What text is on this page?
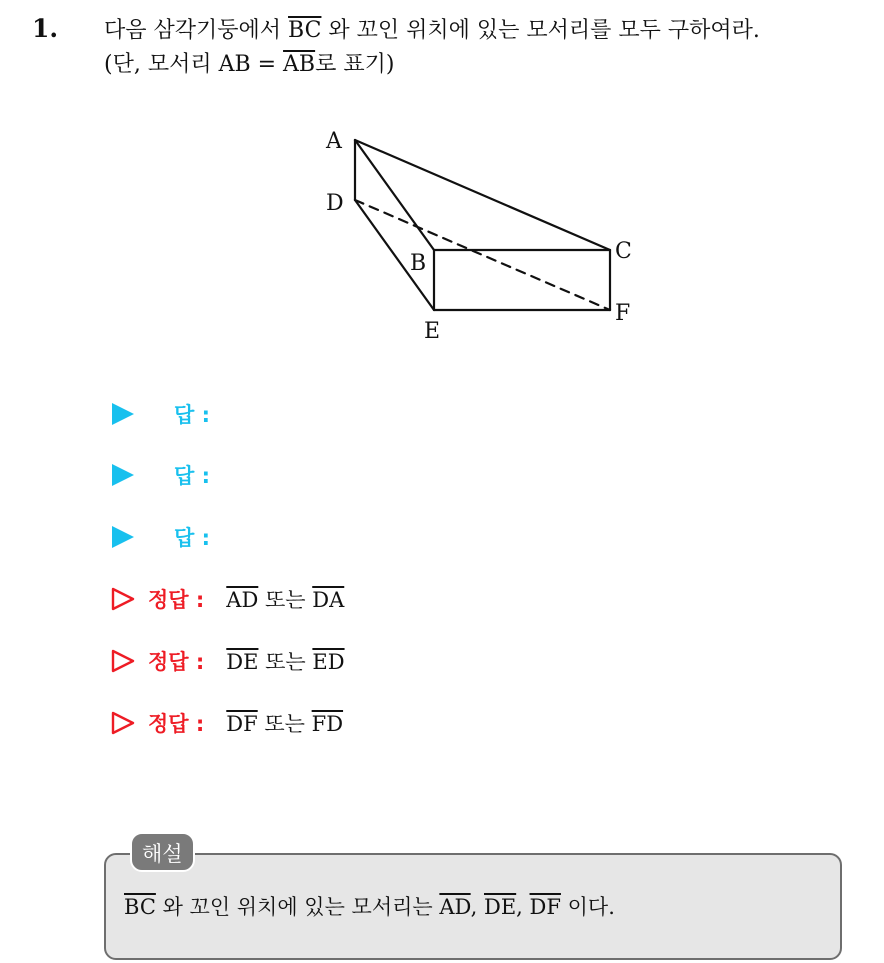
1. 다음 삼각기둥에서 $\overline{BC}$ 와 꼬인 위치에 있는 모서리를 모두 구하여라.
(단, 모서리 AB = $\overline{AB}$로 표기)
A
D
B	C
E
F
답 :
답 :
답 :
정답 : $\overline{AD}$ 또는 $\overline{DA}$
정답 : $\overline{DE}$ 또는 $\overline{ED}$
정답 : $\overline{DF}$ 또는 $\overline{FD}$
해설
$\overline{BC}$ 와 꼬인 위치에 있는 모서리는 $\overline{AD}$, $\overline{DE}$, $\overline{DF}$ 이다.
